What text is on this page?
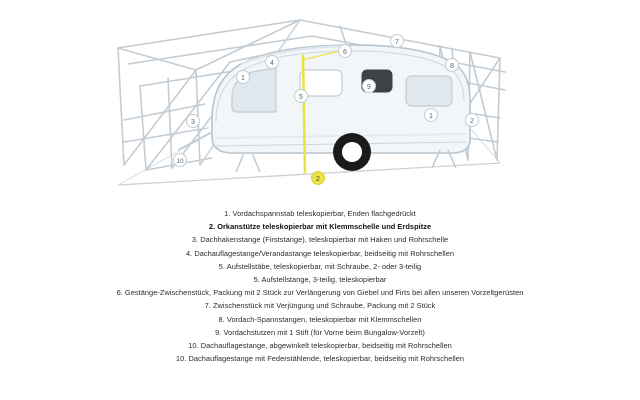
1
3
4
5
6
7
8
9
1
2
10
2
1. Vordachspannstab teleskopierbar, Enden flachgedrückt
2. Orkanstütze teleskopierbar mit Klemmschelle und Erdspitze
3. Dachhakenstange (Firststange), teleskopierbar mit Haken und Rohrschelle
4. Dachauflagestange/Verandastange teleskopierbar, beidseitig mit Rohrschellen
5. Aufstellstäbe, teleskopierbar, mit Schraube, 2- oder 3-teilig
5. Aufstellstange, 3-teilig, teleskopierbar
6. Gestänge-Zwischenstück, Packung mit 2 Stück zur Verlängerung von Giebel und Firts bei allen unseren Vorzeltgerüsten
7. Zwischenstück mit Verjüngung und Schraube, Packung mit 2 Stück
8. Vordach-Spannstangen, teleskopierbar mit Klemmschellen
9. Vordachstutzen mit 1 Stift (für Vorne beim Bungalow-Vorzelt)
10. Dachauflagestange, abgewinkelt teleskopierbar, beidseitig mit Rohrschellen
10. Dachauflagestange mit Federstählende, teleskopierbar, beidseitig mit Rohrschellen
